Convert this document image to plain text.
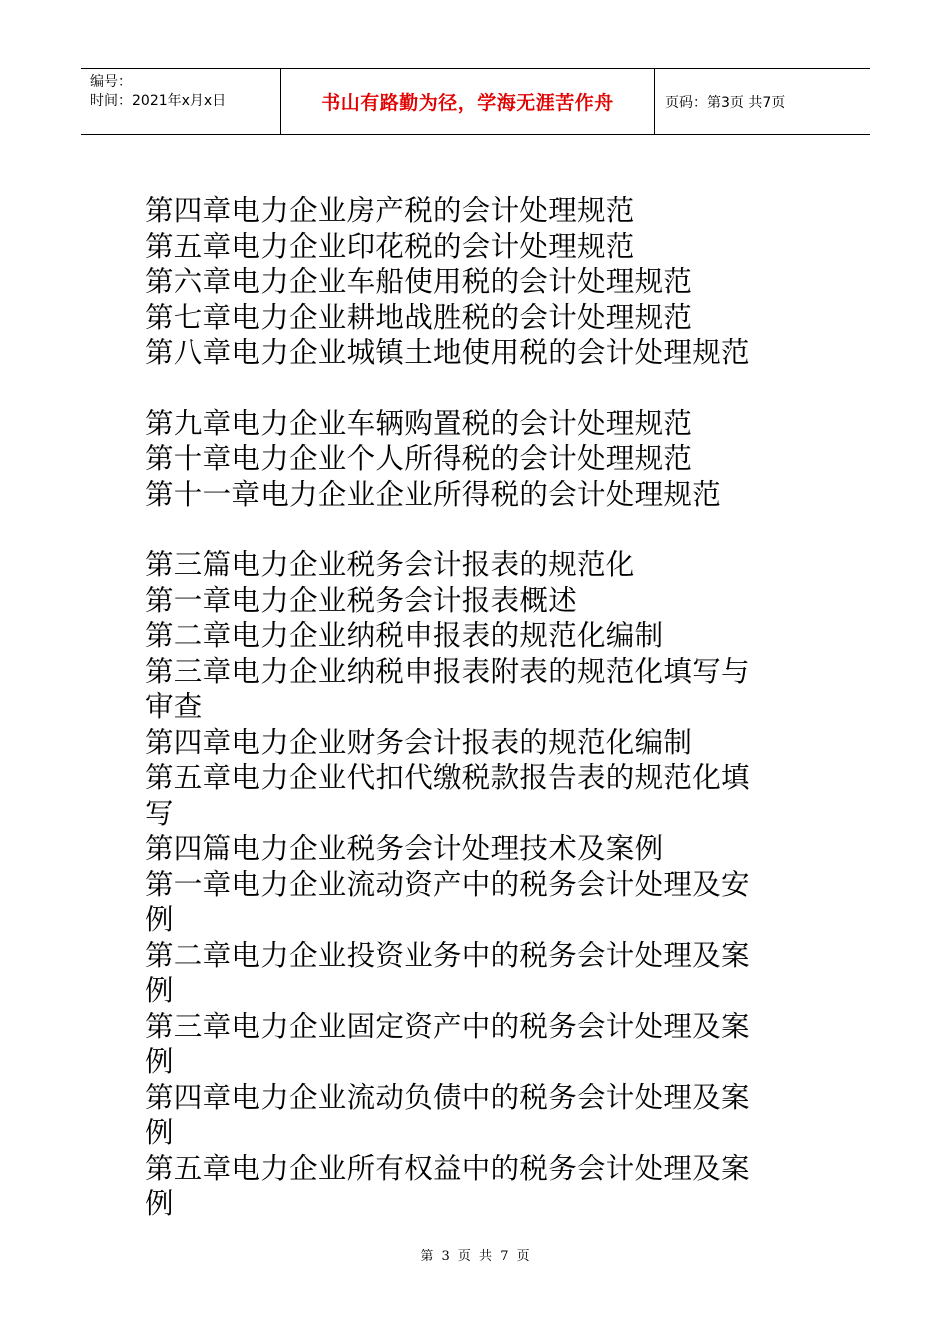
编号：
时间：2021年x月x日	书山有路勤为径，学海无涯苦作舟	页码：第3页 共7页
第四章电力企业房产税的会计处理规范
第五章电力企业印花税的会计处理规范
第六章电力企业车船使用税的会计处理规范
第七章电力企业耕地战胜税的会计处理规范
第八章电力企业城镇土地使用税的会计处理规范
第九章电力企业车辆购置税的会计处理规范
第十章电力企业个人所得税的会计处理规范
第十一章电力企业企业所得税的会计处理规范
第三篇电力企业税务会计报表的规范化
第一章电力企业税务会计报表概述
第二章电力企业纳税申报表的规范化编制
第三章电力企业纳税申报表附表的规范化填写与
审查
第四章电力企业财务会计报表的规范化编制
第五章电力企业代扣代缴税款报告表的规范化填
写
第四篇电力企业税务会计处理技术及案例
第一章电力企业流动资产中的税务会计处理及安
例
第二章电力企业投资业务中的税务会计处理及案
例
第三章电力企业固定资产中的税务会计处理及案
例
第四章电力企业流动负债中的税务会计处理及案
例
第五章电力企业所有权益中的税务会计处理及案
例
第 3 页 共 7 页
